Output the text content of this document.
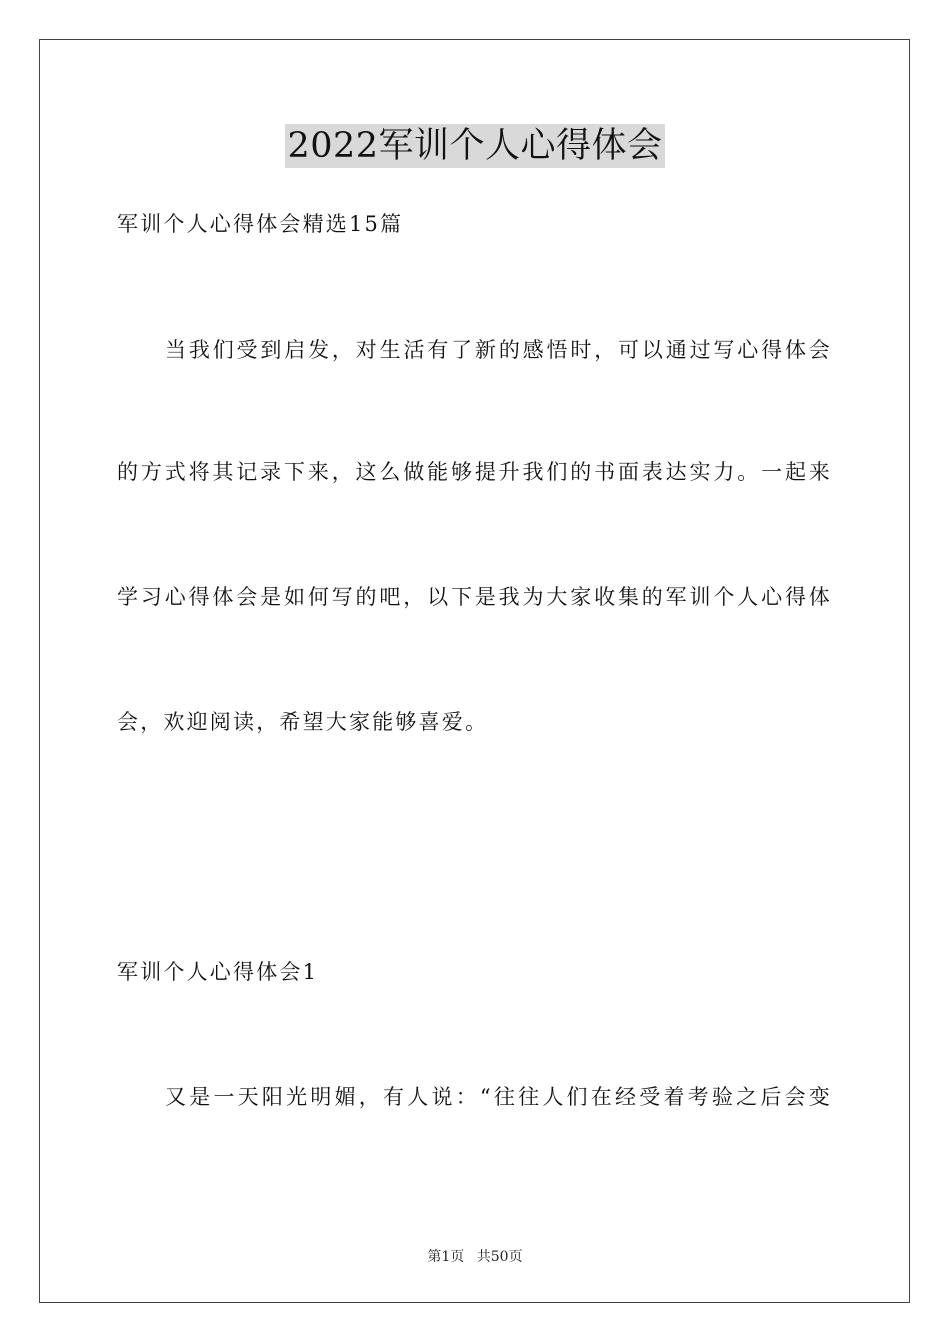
2022军训个人心得体会
军训个人心得体会精选15篇
当我们受到启发，对生活有了新的感悟时，可以通过写心得体会
的方式将其记录下来，这么做能够提升我们的书面表达实力。一起来
学习心得体会是如何写的吧，以下是我为大家收集的军训个人心得体
会，欢迎阅读，希望大家能够喜爱。
军训个人心得体会1
又是一天阳光明媚，有人说：“往往人们在经受着考验之后会变
第1页 共50页
